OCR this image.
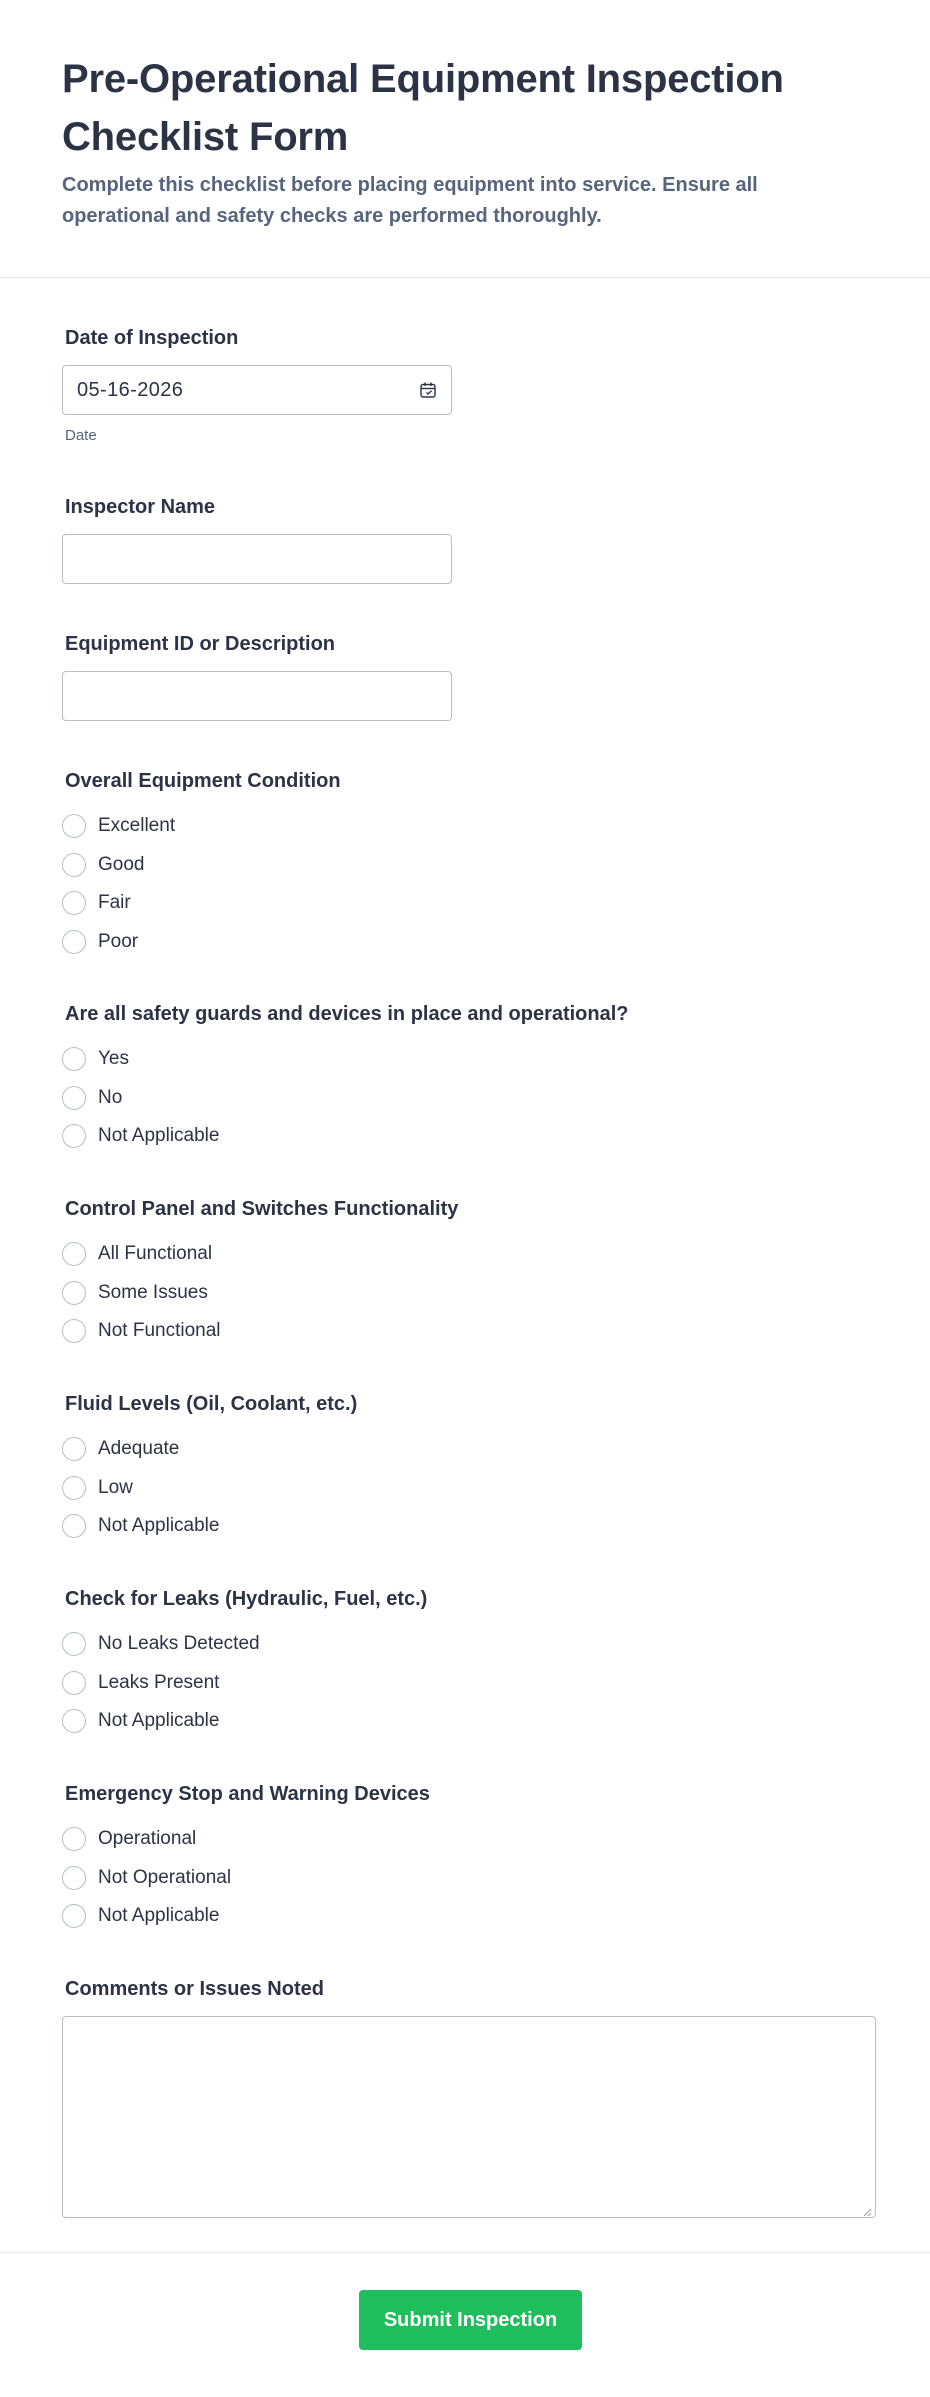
Pre-Operational Equipment Inspection Checklist Form

Complete this checklist before placing equipment into service. Ensure all operational and safety checks are performed thoroughly.

Date of Inspection
05-16-2026
Date
Inspector Name
Equipment ID or Description
Overall Equipment Condition
Excellent
Good
Fair
Poor
Are all safety guards and devices in place and operational?
Yes
No
Not Applicable
Control Panel and Switches Functionality
All Functional
Some Issues
Not Functional
Fluid Levels (Oil, Coolant, etc.)
Adequate
Low
Not Applicable
Check for Leaks (Hydraulic, Fuel, etc.)
No Leaks Detected
Leaks Present
Not Applicable
Emergency Stop and Warning Devices
Operational
Not Operational
Not Applicable
Comments or Issues Noted
Submit Inspection
